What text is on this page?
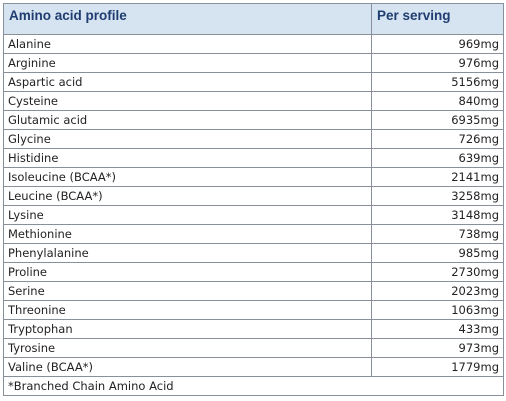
Amino acid profile	Per serving
Alanine	969mg
Arginine	976mg
Aspartic acid	5156mg
Cysteine	840mg
Glutamic acid	6935mg
Glycine	726mg
Histidine	639mg
Isoleucine (BCAA*)	2141mg
Leucine (BCAA*)	3258mg
Lysine	3148mg
Methionine	738mg
Phenylalanine	985mg
Proline	2730mg
Serine	2023mg
Threonine	1063mg
Tryptophan	433mg
Tyrosine	973mg
Valine (BCAA*)	1779mg
*Branched Chain Amino Acid	
